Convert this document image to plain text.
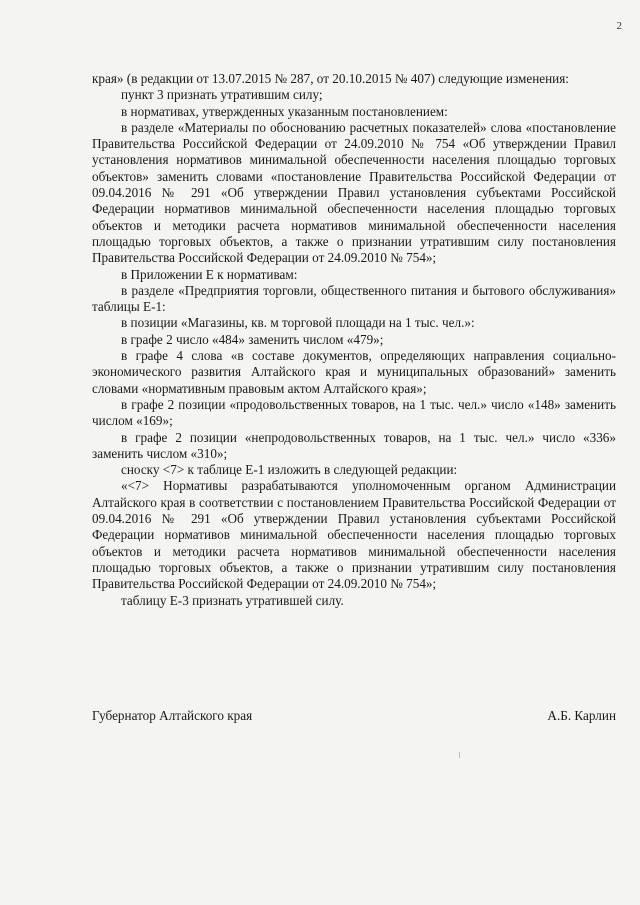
2

края» (в редакции от 13.07.2015 № 287, от 20.10.2015 № 407) следующие изменения:

пункт 3 признать утратившим силу;

в нормативах, утвержденных указанным постановлением:

в разделе «Материалы по обоснованию расчетных показателей» слова «постановление Правительства Российской Федерации от 24.09.2010 № 754 «Об утверждении Правил установления нормативов минимальной обеспеченности населения площадью торговых объектов» заменить словами «постановление Правительства Российской Федерации от 09.04.2016 № 291 «Об утверждении Правил установления субъектами Российской Федерации нормативов минимальной обеспеченности населения площадью торговых объектов и методики расчета нормативов минимальной обеспеченности населения площадью торговых объектов, а также о признании утратившим силу постановления Правительства Российской Федерации от 24.09.2010 № 754»;

в Приложении Е к нормативам:

в разделе «Предприятия торговли, общественного питания и бытового обслуживания» таблицы Е-1:

в позиции «Магазины, кв. м торговой площади на 1 тыс. чел.»:

в графе 2 число «484» заменить числом «479»;

в графе 4 слова «в составе документов, определяющих направления социально-экономического развития Алтайского края и муниципальных образований» заменить словами «нормативным правовым актом Алтайского края»;

в графе 2 позиции «продовольственных товаров, на 1 тыс. чел.» число «148» заменить числом «169»;

в графе 2 позиции «непродовольственных товаров, на 1 тыс. чел.» число «336» заменить числом «310»;

сноску <7> к таблице Е-1 изложить в следующей редакции:

«<7> Нормативы разрабатываются уполномоченным органом Администрации Алтайского края в соответствии с постановлением Правительства Российской Федерации от 09.04.2016 № 291 «Об утверждении Правил установления субъектами Российской Федерации нормативов минимальной обеспеченности населения площадью торговых объектов и методики расчета нормативов минимальной обеспеченности населения площадью торговых объектов, а также о признании утратившим силу постановления Правительства Российской Федерации от 24.09.2010 № 754»;

таблицу Е-3 признать утратившей силу.

Губернатор Алтайского края	А.Б. Карлин
